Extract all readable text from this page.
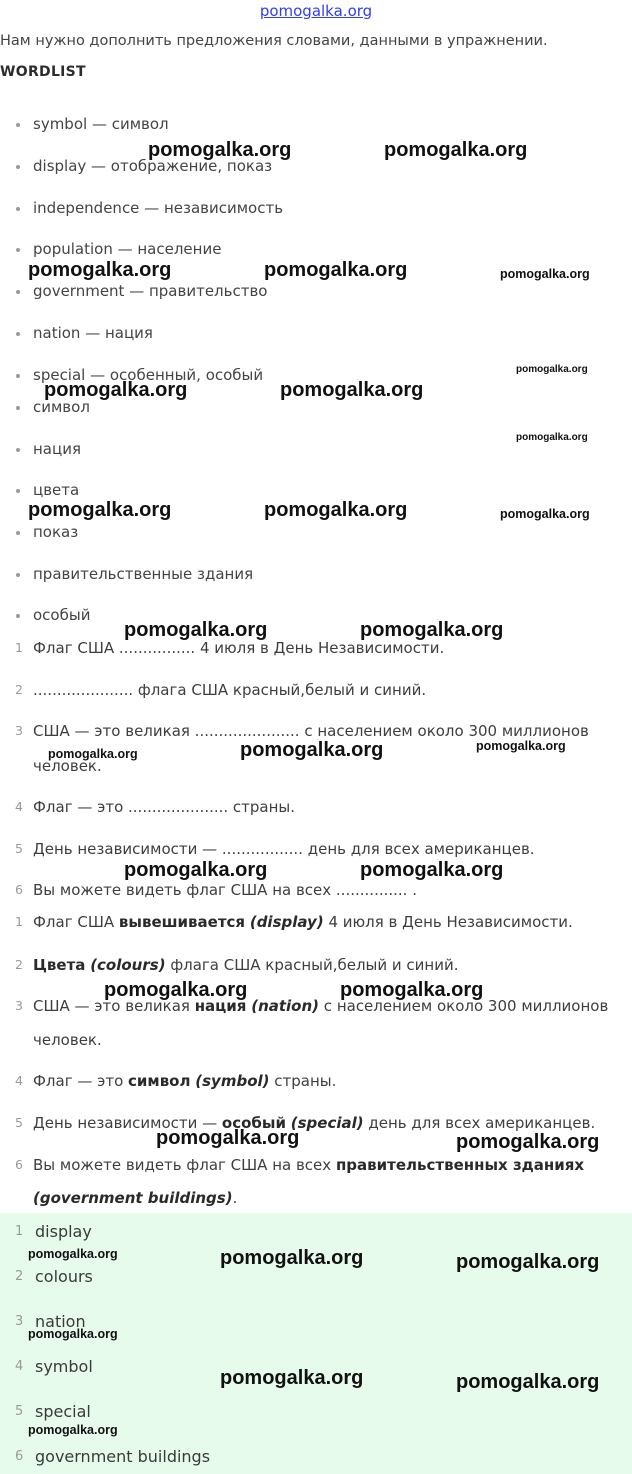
pomogalka.org
Нам нужно дополнить предложения словами, данными в упражнении.
WORDLIST
symbol — символ
display — отображение, показ
independence — независимость
population — население
government — правительство
nation — нация
special — особенный, особый
символ
нация
цвета
показ
правительственные здания
особый
1 Флаг США ................ 4 июля в День Независимости.
2 ..................... флага США красный,белый и синий.
3 США — это великая ...................... с населением около 300 миллионов
человек.
4 Флаг — это ..................... страны.
5 День независимости — ................. день для всех американцев.
6 Вы можете видеть флаг США на всех ............... .
1 Флаг США вывешивается (display) 4 июля в День Независимости.
2 Цвета (colours) флага США красный,белый и синий.
3 США — это великая нация (nation) с населением около 300 миллионов
человек.
4 Флаг — это символ (symbol) страны.
5 День независимости — особый (special) день для всех американцев.
6 Вы можете видеть флаг США на всех правительственных зданиях
(government buildings).
1 display
2 colours
3 nation
4 symbol
5 special
6 government buildings
pomogalka.org	pomogalka.org
pomogalka.org	pomogalka.org	pomogalka.org
pomogalka.org	pomogalka.org
pomogalka.org
pomogalka.org
pomogalka.org	pomogalka.org	pomogalka.org
pomogalka.org	pomogalka.org
pomogalka.org	pomogalka.org	pomogalka.org
pomogalka.org	pomogalka.org
pomogalka.org	pomogalka.org
pomogalka.org	pomogalka.org
pomogalka.org	pomogalka.org	pomogalka.org
pomogalka.org
pomogalka.org	pomogalka.org
pomogalka.org
